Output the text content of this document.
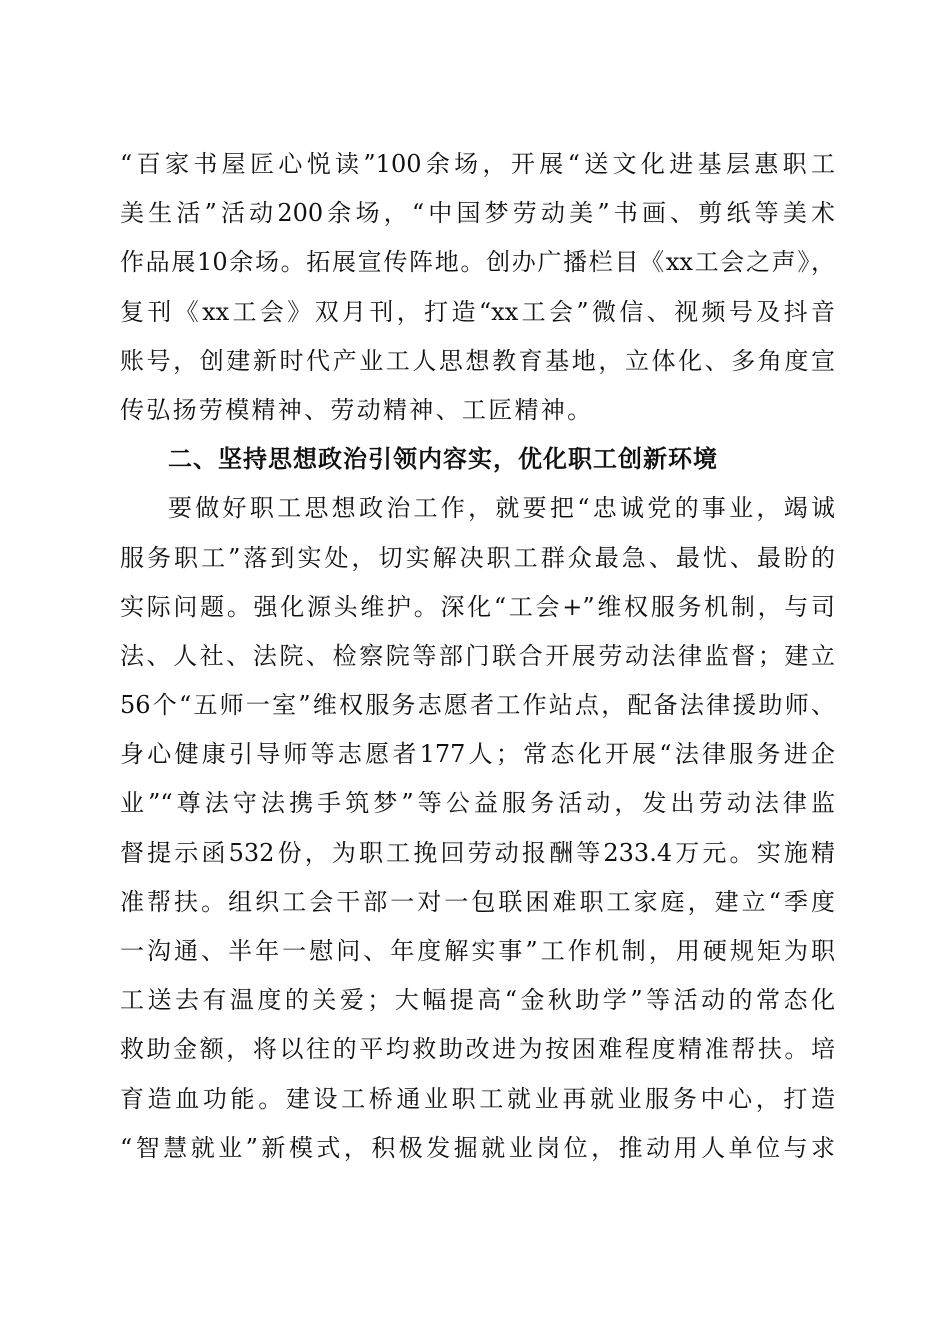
“百家书屋匠心悦读”100余场，开展“送文化进基层惠职工
美生活”活动200余场，“中国梦劳动美”书画、剪纸等美术
作品展10余场。拓展宣传阵地。创办广播栏目《xx工会之声》，
复刊《xx工会》双月刊，打造“xx工会”微信、视频号及抖音
账号，创建新时代产业工人思想教育基地，立体化、多角度宣
传弘扬劳模精神、劳动精神、工匠精神。
二、坚持思想政治引领内容实，优化职工创新环境
要做好职工思想政治工作，就要把“忠诚党的事业，竭诚
服务职工”落到实处，切实解决职工群众最急、最忧、最盼的
实际问题。强化源头维护。深化“工会+”维权服务机制，与司
法、人社、法院、检察院等部门联合开展劳动法律监督；建立
56个“五师一室”维权服务志愿者工作站点，配备法律援助师、
身心健康引导师等志愿者177人；常态化开展“法律服务进企
业”“尊法守法携手筑梦”等公益服务活动，发出劳动法律监
督提示函532份，为职工挽回劳动报酬等233.4万元。实施精
准帮扶。组织工会干部一对一包联困难职工家庭，建立“季度
一沟通、半年一慰问、年度解实事”工作机制，用硬规矩为职
工送去有温度的关爱；大幅提高“金秋助学”等活动的常态化
救助金额，将以往的平均救助改进为按困难程度精准帮扶。培
育造血功能。建设工桥通业职工就业再就业服务中心，打造
“智慧就业”新模式，积极发掘就业岗位，推动用人单位与求
